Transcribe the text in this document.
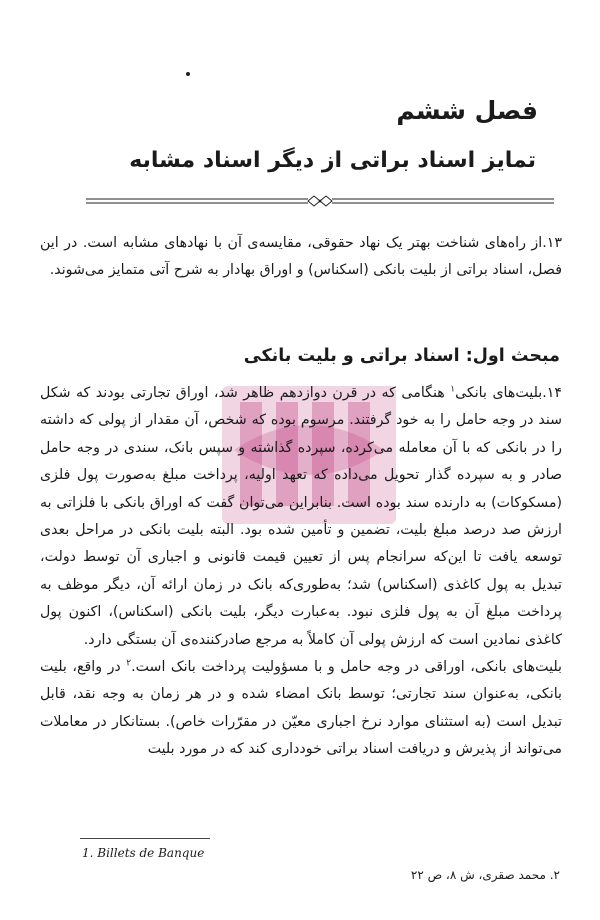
فصل ششم
تمایز اسناد براتی از دیگر اسناد مشابه

۱۳.از راه‌های شناخت بهتر یک نهاد حقوقی، مقایسه‌ی آن با نهادهای مشابه است. در این فصل، اسناد براتی از بلیت بانکی (اسکناس) و اوراق بهادار به شرح آتی متمایز می‌شوند.

مبحث اول: اسناد براتی و بلیت بانکی

۱۴.بلیت‌های بانکی$^۱$ هنگامی که در قرن دوازدهم ظاهر شد، اوراق تجارتی بودند که شکل سند در وجه حامل را به خود گرفتند. مرسوم بوده که شخص، آن مقدار از پولی که داشته را در بانکی که با آن معامله می‌کرده، سپرده گذاشته و سپس بانک، سندی در وجه حامل صادر و به سپرده گذار تحویل می‌داده که تعهد اولیه، پرداخت مبلغ به‌صورت پول فلزی (مسکوکات) به دارنده سند بوده است. بنابراین می‌توان گفت که اوراق بانکی با فلزاتی به ارزش صد درصد مبلغ بلیت، تضمین و تأمین شده بود. البته بلیت بانکی در مراحل بعدی توسعه یافت تا این‌که سرانجام پس از تعیین قیمت قانونی و اجباری آن توسط دولت، تبدیل به پول کاغذی (اسکناس) شد؛ به‌طوری‌که بانک در زمان ارائه آن، دیگر موظف به پرداخت مبلغ آن به پول فلزی نبود. به‌عبارت دیگر، بلیت بانکی (اسکناس)، اکنون پول کاغذی نمادین است که ارزش پولی آن کاملاً به مرجع صادرکننده‌ی آن بستگی دارد.

بلیت‌های بانکی، اوراقی در وجه حامل و با مسؤولیت پرداخت بانک است.$^۲$ در واقع، بلیت بانکی، به‌عنوان سند تجارتی؛ توسط بانک امضاء شده و در هر زمان به وجه نقد، قابل تبدیل است (به استثنای موارد نرخ اجباری معیّن در مقرّرات خاص). بستانکار در معاملات می‌تواند از پذیرش و دریافت اسناد براتی خودداری کند که در مورد بلیت

1. Billets de Banque
۲. محمد صقری، ش ۸، ص ۲۲
